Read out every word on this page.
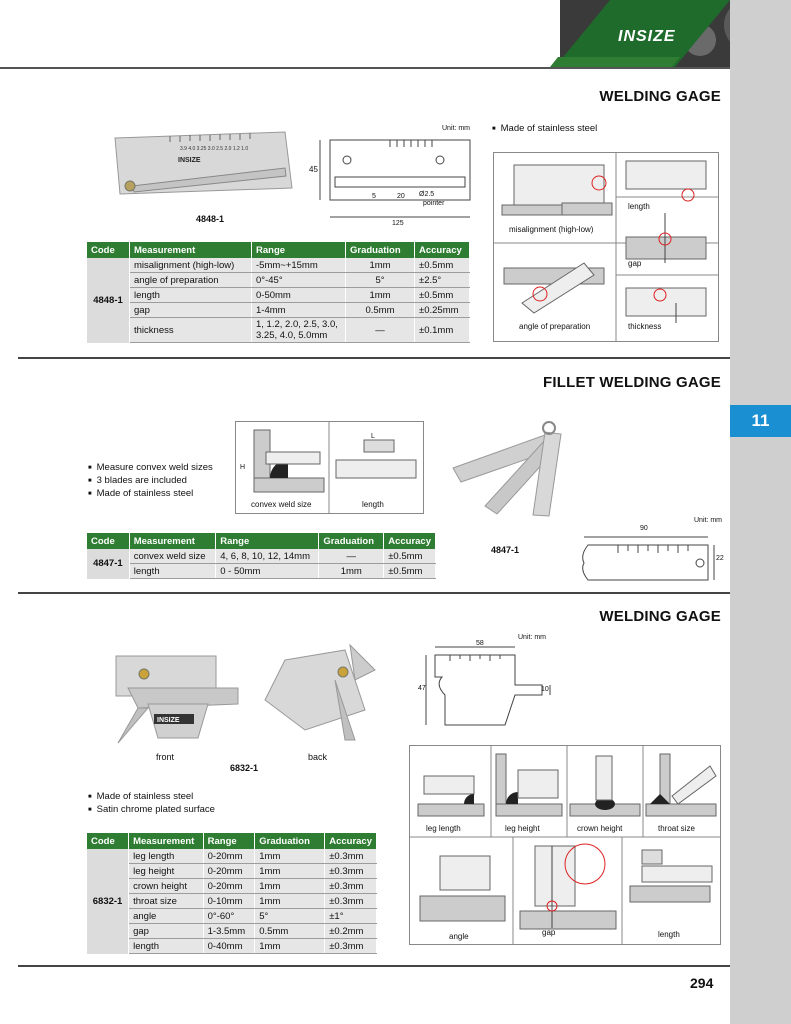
INSIZE
11
WELDING GAGE
INSIZE
3.9 4.0 3.25 3.0 2.5 2.0 1.2 1.0
4848-1
Unit: mm
45
5	20 Ø2.5
pointer
125
■ Made of stainless steel
misalignment (high-low)
length
gap
angle of preparation	thickness
Code	Measurement	Range	Graduation	Accuracy
4848-1	misalignment (high-low)	-5mm~+15mm	1mm	±0.5mm
	angle of preparation	0°-45°	5°	±2.5°
	length	0-50mm	1mm	±0.5mm
	gap	1-4mm	0.5mm	±0.25mm
	thickness	1, 1.2, 2.0, 2.5, 3.0, 3.25, 4.0, 5.0mm	—	±0.1mm
FILLET WELDING GAGE
■ Measure convex weld sizes
■ 3 blades are included
■ Made of stainless steel
H
L
convex weld size	length
4847-1
Unit: mm
90
22
Code	Measurement	Range	Graduation	Accuracy
4847-1	convex weld size	4, 6, 8, 10, 12, 14mm	—	±0.5mm
	length	0 - 50mm	1mm	±0.5mm
WELDING GAGE
INSIZE
front	back
6832-1
Unit: mm
58
47	10
■ Made of stainless steel
■ Satin chrome plated surface
leg length	leg height	crown height	throat size
angle	gap	length
Code	Measurement	Range	Graduation	Accuracy
6832-1	leg length	0-20mm	1mm	±0.3mm
	leg height	0-20mm	1mm	±0.3mm
	crown height	0-20mm	1mm	±0.3mm
	throat size	0-10mm	1mm	±0.3mm
	angle	0°-60°	5°	±1°
	gap	1-3.5mm	0.5mm	±0.2mm
	length	0-40mm	1mm	±0.3mm
294
